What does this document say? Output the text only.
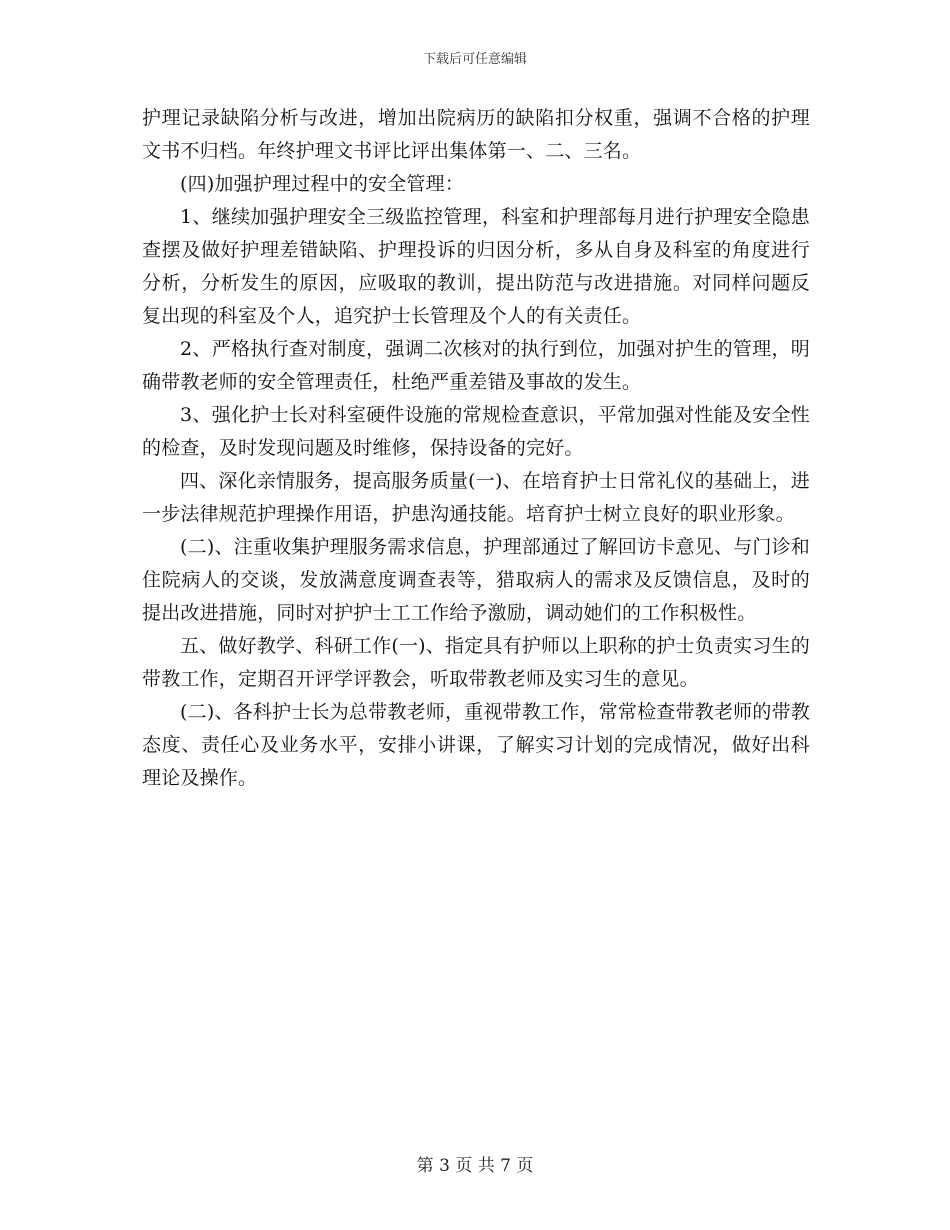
下载后可任意编辑

护理记录缺陷分析与改进，增加出院病历的缺陷扣分权重，强调不合格的护理文书不归档。年终护理文书评比评出集体第一、二、三名。

(四)加强护理过程中的安全管理：

1、继续加强护理安全三级监控管理，科室和护理部每月进行护理安全隐患查摆及做好护理差错缺陷、护理投诉的归因分析，多从自身及科室的角度进行分析，分析发生的原因，应吸取的教训，提出防范与改进措施。对同样问题反复出现的科室及个人，追究护士长管理及个人的有关责任。

2、严格执行查对制度，强调二次核对的执行到位，加强对护生的管理，明确带教老师的安全管理责任，杜绝严重差错及事故的发生。

3、强化护士长对科室硬件设施的常规检查意识，平常加强对性能及安全性的检查，及时发现问题及时维修，保持设备的完好。

四、深化亲情服务，提高服务质量(一)、在培育护士日常礼仪的基础上，进一步法律规范护理操作用语，护患沟通技能。培育护士树立良好的职业形象。

(二)、注重收集护理服务需求信息，护理部通过了解回访卡意见、与门诊和住院病人的交谈，发放满意度调查表等，猎取病人的需求及反馈信息，及时的提出改进措施，同时对护护士工工作给予激励，调动她们的工作积极性。

五、做好教学、科研工作(一)、指定具有护师以上职称的护士负责实习生的带教工作，定期召开评学评教会，听取带教老师及实习生的意见。

(二)、各科护士长为总带教老师，重视带教工作，常常检查带教老师的带教态度、责任心及业务水平，安排小讲课，了解实习计划的完成情况，做好出科理论及操作。

第 3 页 共 7 页
